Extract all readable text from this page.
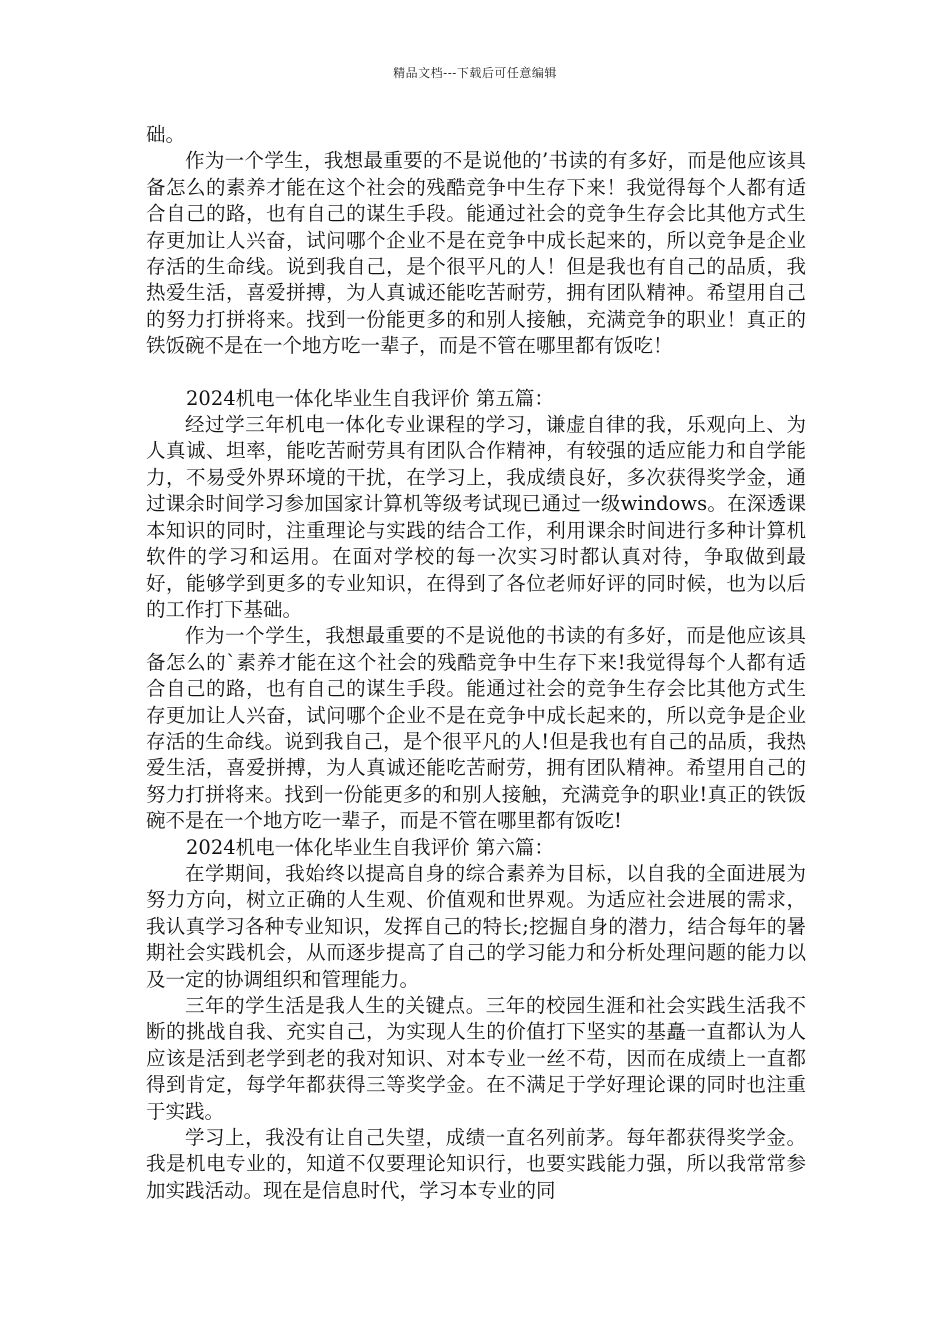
精品文档---下载后可任意编辑

础。

作为一个学生，我想最重要的不是说他的’书读的有多好，而是他应该具备怎么的素养才能在这个社会的残酷竞争中生存下来！我觉得每个人都有适合自己的路，也有自己的谋生手段。能通过社会的竞争生存会比其他方式生存更加让人兴奋，试问哪个企业不是在竞争中成长起来的，所以竞争是企业存活的生命线。说到我自己，是个很平凡的人！但是我也有自己的品质，我热爱生活，喜爱拼搏，为人真诚还能吃苦耐劳，拥有团队精神。希望用自己的努力打拼将来。找到一份能更多的和别人接触，充满竞争的职业！真正的铁饭碗不是在一个地方吃一辈子，而是不管在哪里都有饭吃！

2024机电一体化毕业生自我评价 第五篇：

经过学三年机电一体化专业课程的学习，谦虚自律的我，乐观向上、为人真诚、坦率，能吃苦耐劳具有团队合作精神，有较强的适应能力和自学能力，不易受外界环境的干扰，在学习上，我成绩良好，多次获得奖学金，通过课余时间学习参加国家计算机等级考试现已通过一级windows。在深透课本知识的同时，注重理论与实践的结合工作，利用课余时间进行多种计算机软件的学习和运用。在面对学校的每一次实习时都认真对待，争取做到最好，能够学到更多的专业知识，在得到了各位老师好评的同时候，也为以后的工作打下基础。

作为一个学生，我想最重要的不是说他的书读的有多好，而是他应该具备怎么的`素养才能在这个社会的残酷竞争中生存下来!我觉得每个人都有适合自己的路，也有自己的谋生手段。能通过社会的竞争生存会比其他方式生存更加让人兴奋，试问哪个企业不是在竞争中成长起来的，所以竞争是企业存活的生命线。说到我自己，是个很平凡的人!但是我也有自己的品质，我热爱生活，喜爱拼搏，为人真诚还能吃苦耐劳，拥有团队精神。希望用自己的努力打拼将来。找到一份能更多的和别人接触，充满竞争的职业!真正的铁饭碗不是在一个地方吃一辈子，而是不管在哪里都有饭吃!

2024机电一体化毕业生自我评价 第六篇：

在学期间，我始终以提高自身的综合素养为目标，以自我的全面进展为努力方向，树立正确的人生观、价值观和世界观。为适应社会进展的需求，我认真学习各种专业知识，发挥自己的特长;挖掘自身的潜力，结合每年的暑期社会实践机会，从而逐步提高了自己的学习能力和分析处理问题的能力以及一定的协调组织和管理能力。

三年的学生活是我人生的关键点。三年的校园生涯和社会实践生活我不断的挑战自我、充实自己，为实现人生的价值打下坚实的基矗一直都认为人应该是活到老学到老的我对知识、对本专业一丝不苟，因而在成绩上一直都得到肯定，每学年都获得三等奖学金。在不满足于学好理论课的同时也注重于实践。

学习上，我没有让自己失望，成绩一直名列前茅。每年都获得奖学金。我是机电专业的，知道不仅要理论知识行，也要实践能力强，所以我常常参加实践活动。现在是信息时代，学习本专业的同
